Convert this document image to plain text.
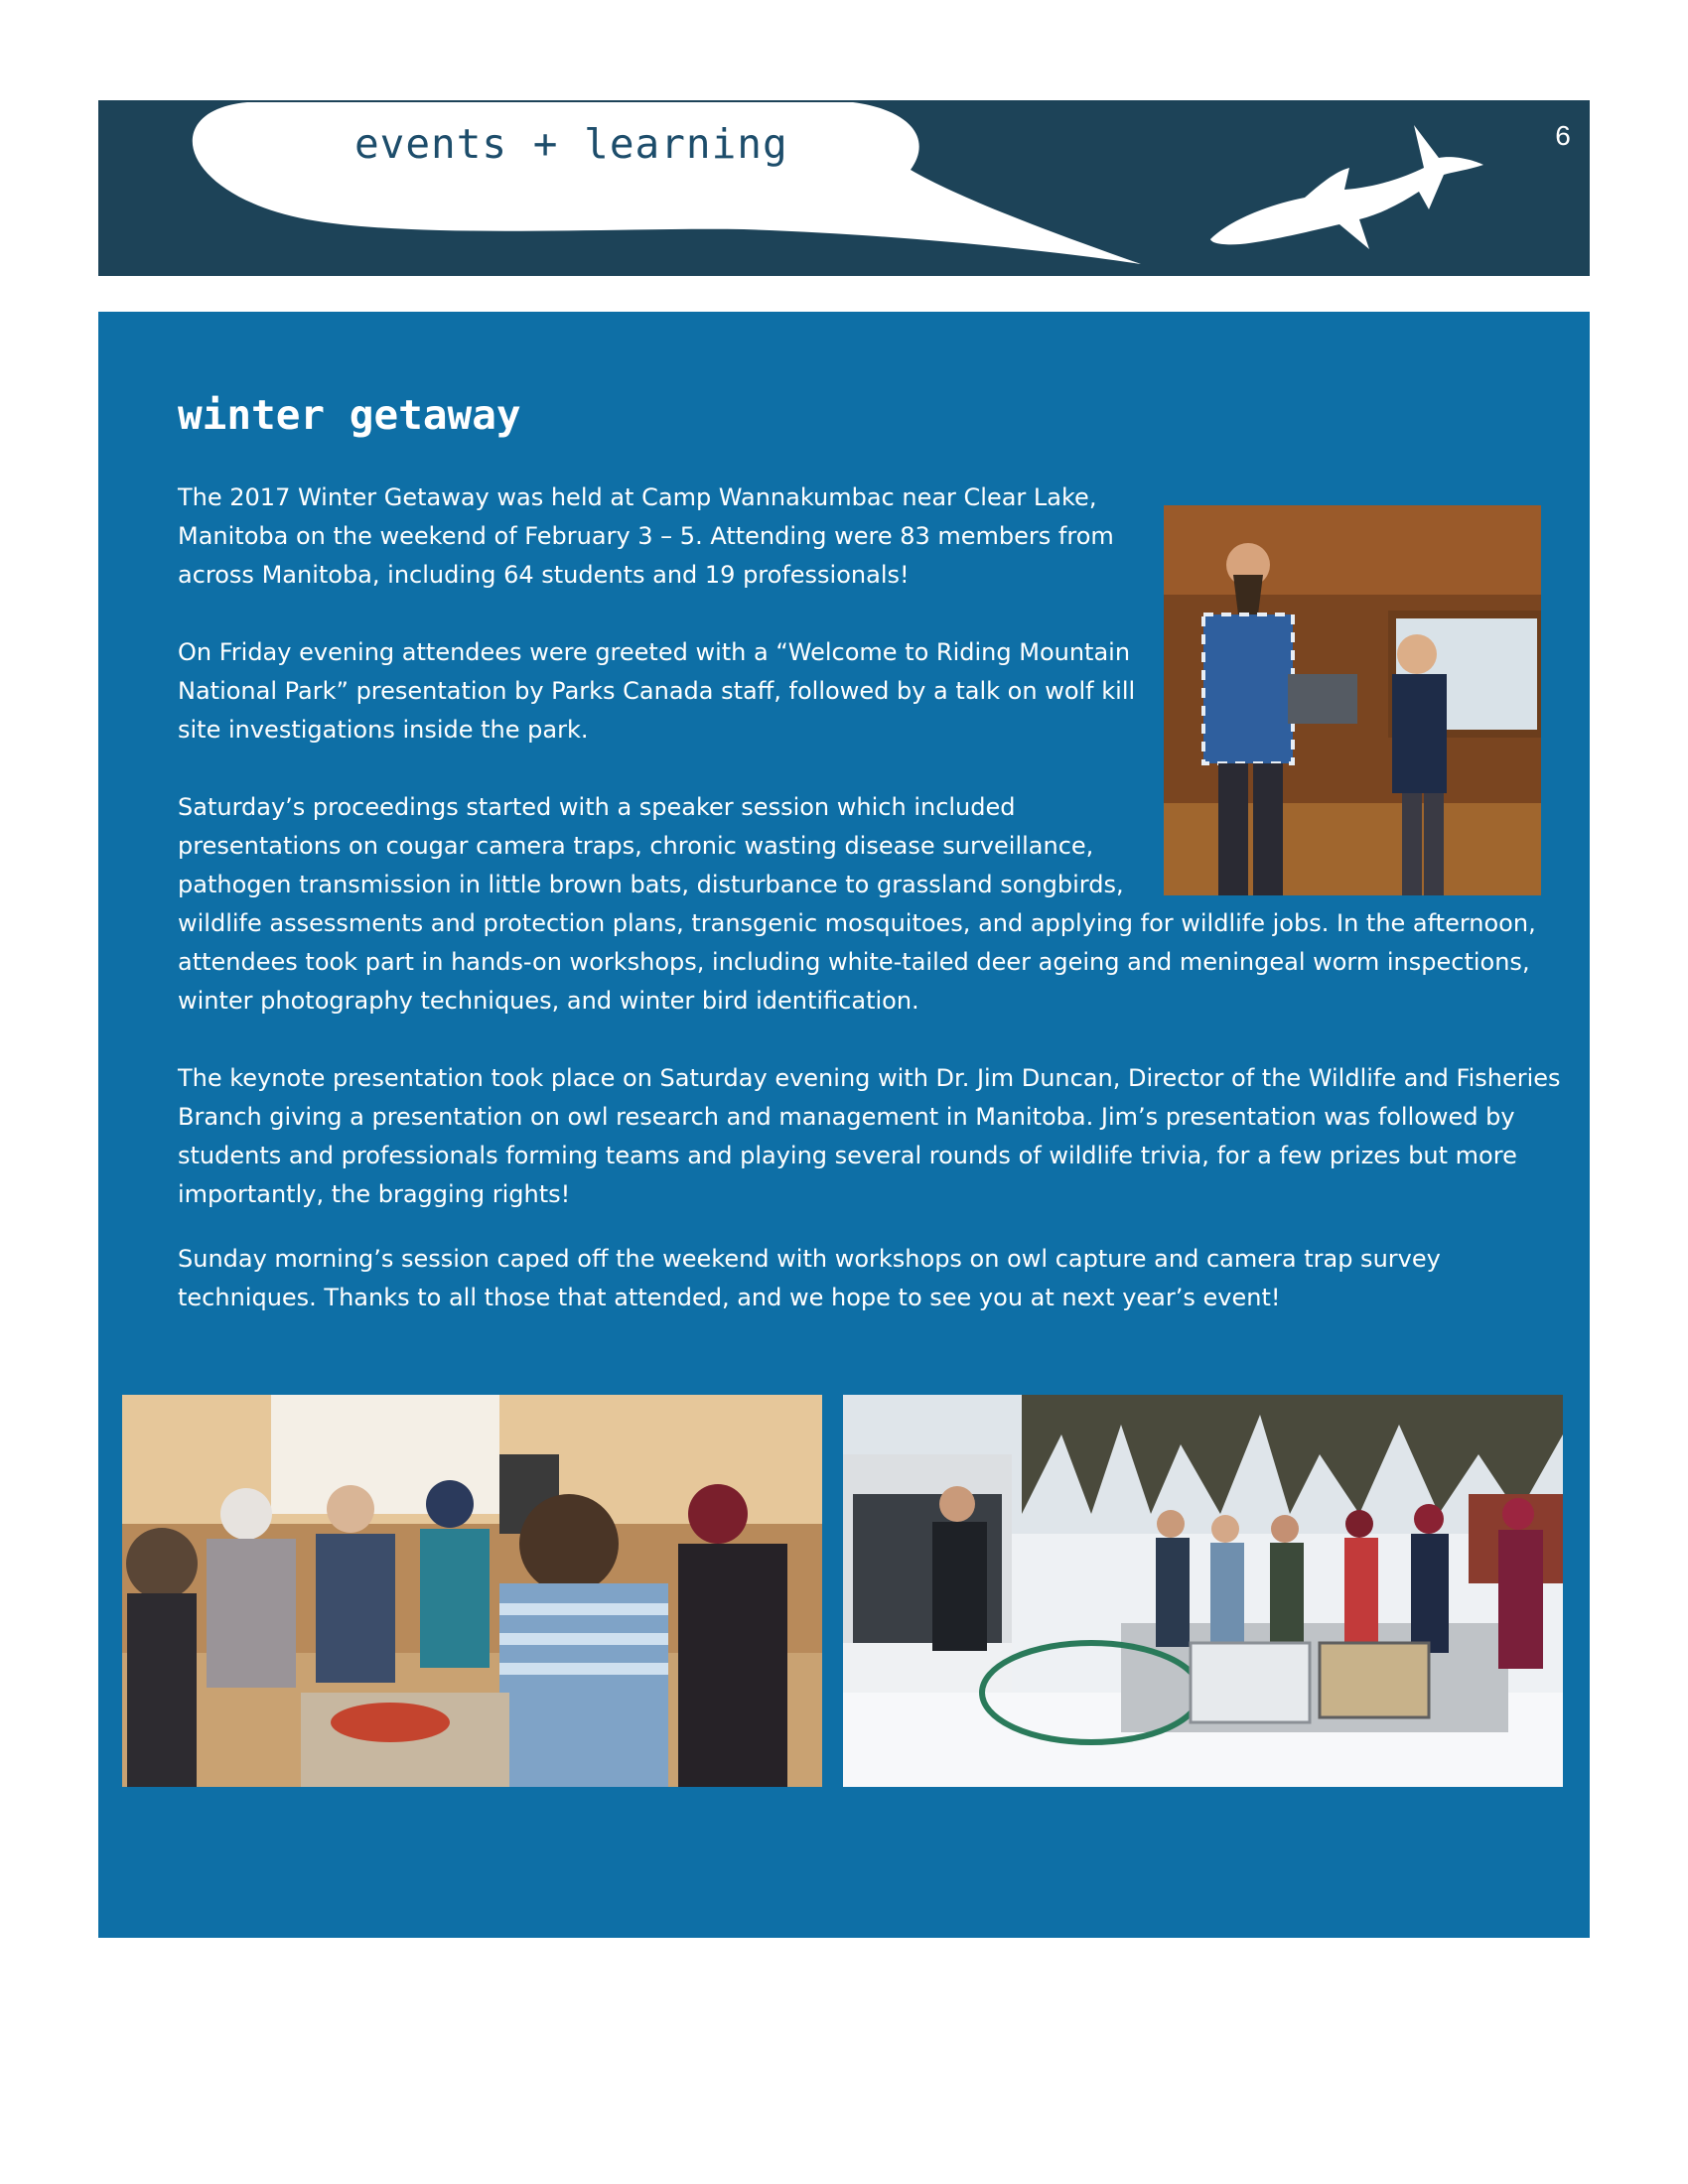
events + learning	6
winter getaway

The 2017 Winter Getaway was held at Camp Wannakumbac near Clear Lake, Manitoba on the weekend of February 3 – 5. Attending were 83 members from across Manitoba, including 64 students and 19 professionals!

On Friday evening attendees were greeted with a “Welcome to Riding Mountain National Park” presentation by Parks Canada staff, followed by a talk on wolf kill site investigations inside the park.

Saturday’s proceedings started with a speaker session which included presentations on cougar camera traps, chronic wasting disease surveillance, pathogen transmission in little brown bats, disturbance to grassland songbirds, wildlife assessments and protection plans, transgenic mosquitoes, and applying for wildlife jobs. In the afternoon, attendees took part in hands-on workshops, including white-tailed deer ageing and meningeal worm inspections, winter photography techniques, and winter bird identification.

The keynote presentation took place on Saturday evening with Dr. Jim Duncan, Director of the Wildlife and Fisheries Branch giving a presentation on owl research and management in Manitoba. Jim’s presentation was followed by students and professionals forming teams and playing several rounds of wildlife trivia, for a few prizes but more importantly, the bragging rights!

Sunday morning’s session caped off the weekend with workshops on owl capture and camera trap survey techniques. Thanks to all those that attended, and we hope to see you at next year’s event!
